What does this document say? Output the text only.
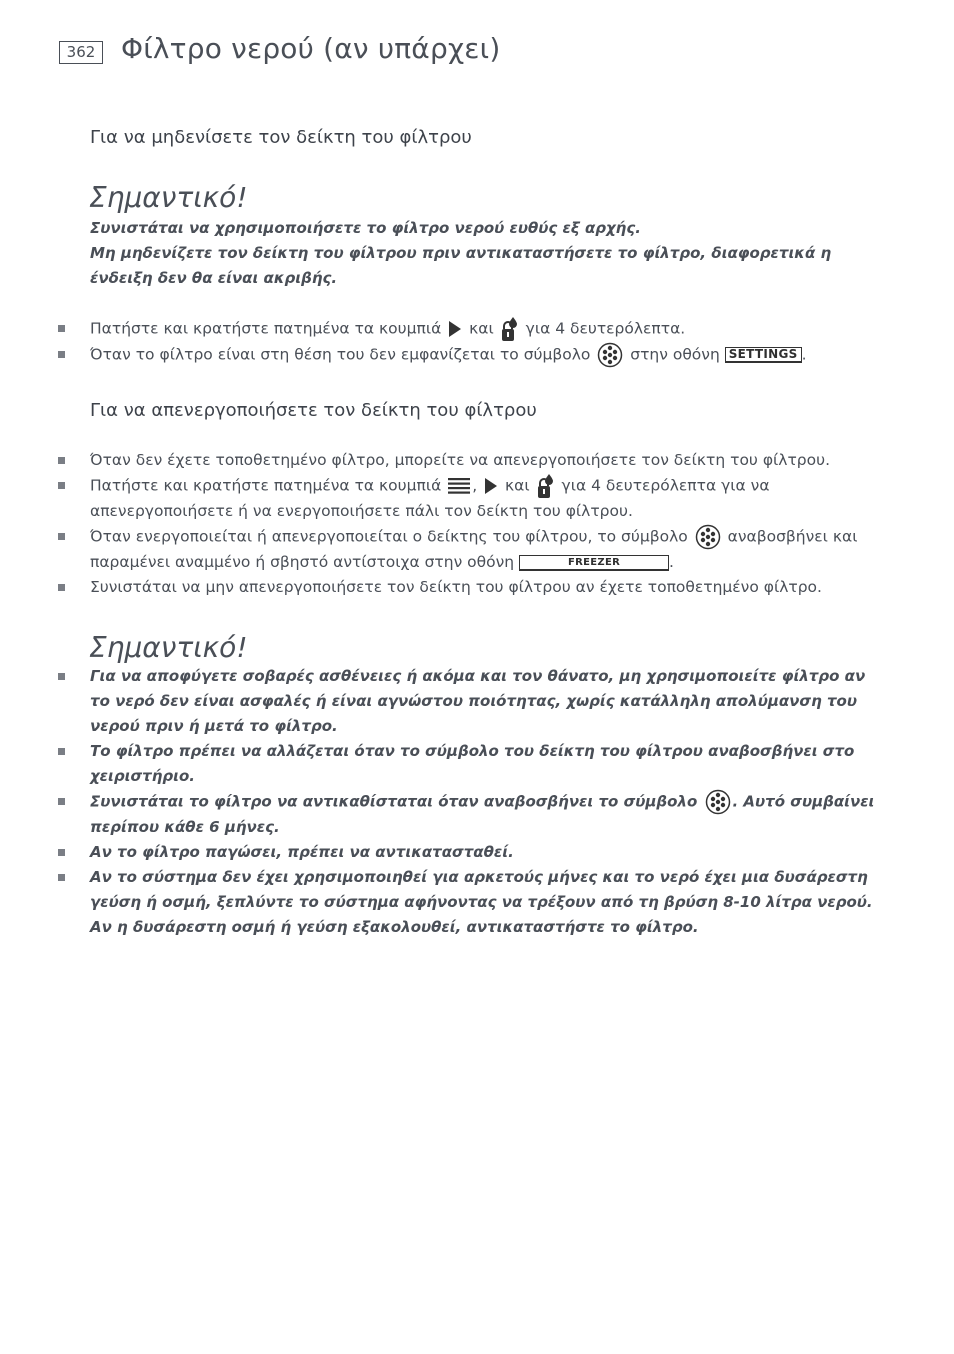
362 Φίλτρο νερού (αν υπάρχει)
Για να μηδενίσετε τον δείκτη του φίλτρου
Σημαντικό!

Συνιστάται να χρησιμοποιήσετε το φίλτρο νερού ευθύς εξ αρχής.
Μη μηδενίζετε τον δείκτη του φίλτρου πριν αντικαταστήσετε το φίλτρο, διαφορετικά η ένδειξη δεν θα είναι ακριβής.

Πατήστε και κρατήστε πατημένα τα κουμπιά και για 4 δευτερόλεπτα.
Όταν το φίλτρο είναι στη θέση του δεν εμφανίζεται το σύμβολο	στην οθόνη SETTINGS .
Για να απενεργοποιήσετε τον δείκτη του φίλτρου
Όταν δεν έχετε τοποθετημένο φίλτρο, μπορείτε να απενεργοποιήσετε τον δείκτη του φίλτρου.
Πατήστε και κρατήστε πατημένα τα κουμπιά , και για 4 δευτερόλεπτα για να απενεργοποιήσετε ή να ενεργοποιήσετε πάλι τον δείκτη του φίλτρου.
Όταν ενεργοποιείται ή απενεργοποιείται ο δείκτης του φίλτρου, το σύμβολο	αναβοσβήνει και παραμένει αναμμένο ή σβηστό αντίστοιχα στην οθόνη	FREEZER	.
Συνιστάται να μην απενεργοποιήσετε τον δείκτη του φίλτρου αν έχετε τοποθετημένο φίλτρο.
Σημαντικό!
Για να αποφύγετε σοβαρές ασθένειες ή ακόμα και τον θάνατο, μη χρησιμοποιείτε φίλτρο αν το νερό δεν είναι ασφαλές ή είναι αγνώστου ποιότητας, χωρίς κατάλληλη απολύμανση του νερού πριν ή μετά το φίλτρο.
Το φίλτρο πρέπει να αλλάζεται όταν το σύμβολο του δείκτη του φίλτρου αναβοσβήνει στο χειριστήριο.
Συνιστάται το φίλτρο να αντικαθίσταται όταν αναβοσβήνει το σύμβολο . Αυτό συμβαίνει περίπου κάθε 6 μήνες.
Αν το φίλτρο παγώσει, πρέπει να αντικατασταθεί.
Αν το σύστημα δεν έχει χρησιμοποιηθεί για αρκετούς μήνες και το νερό έχει μια δυσάρεστη γεύση ή οσμή, ξεπλύντε το σύστημα αφήνοντας να τρέξουν από τη βρύση 8-10 λίτρα νερού. Αν η δυσάρεστη οσμή ή γεύση εξακολουθεί, αντικαταστήστε το φίλτρο.
